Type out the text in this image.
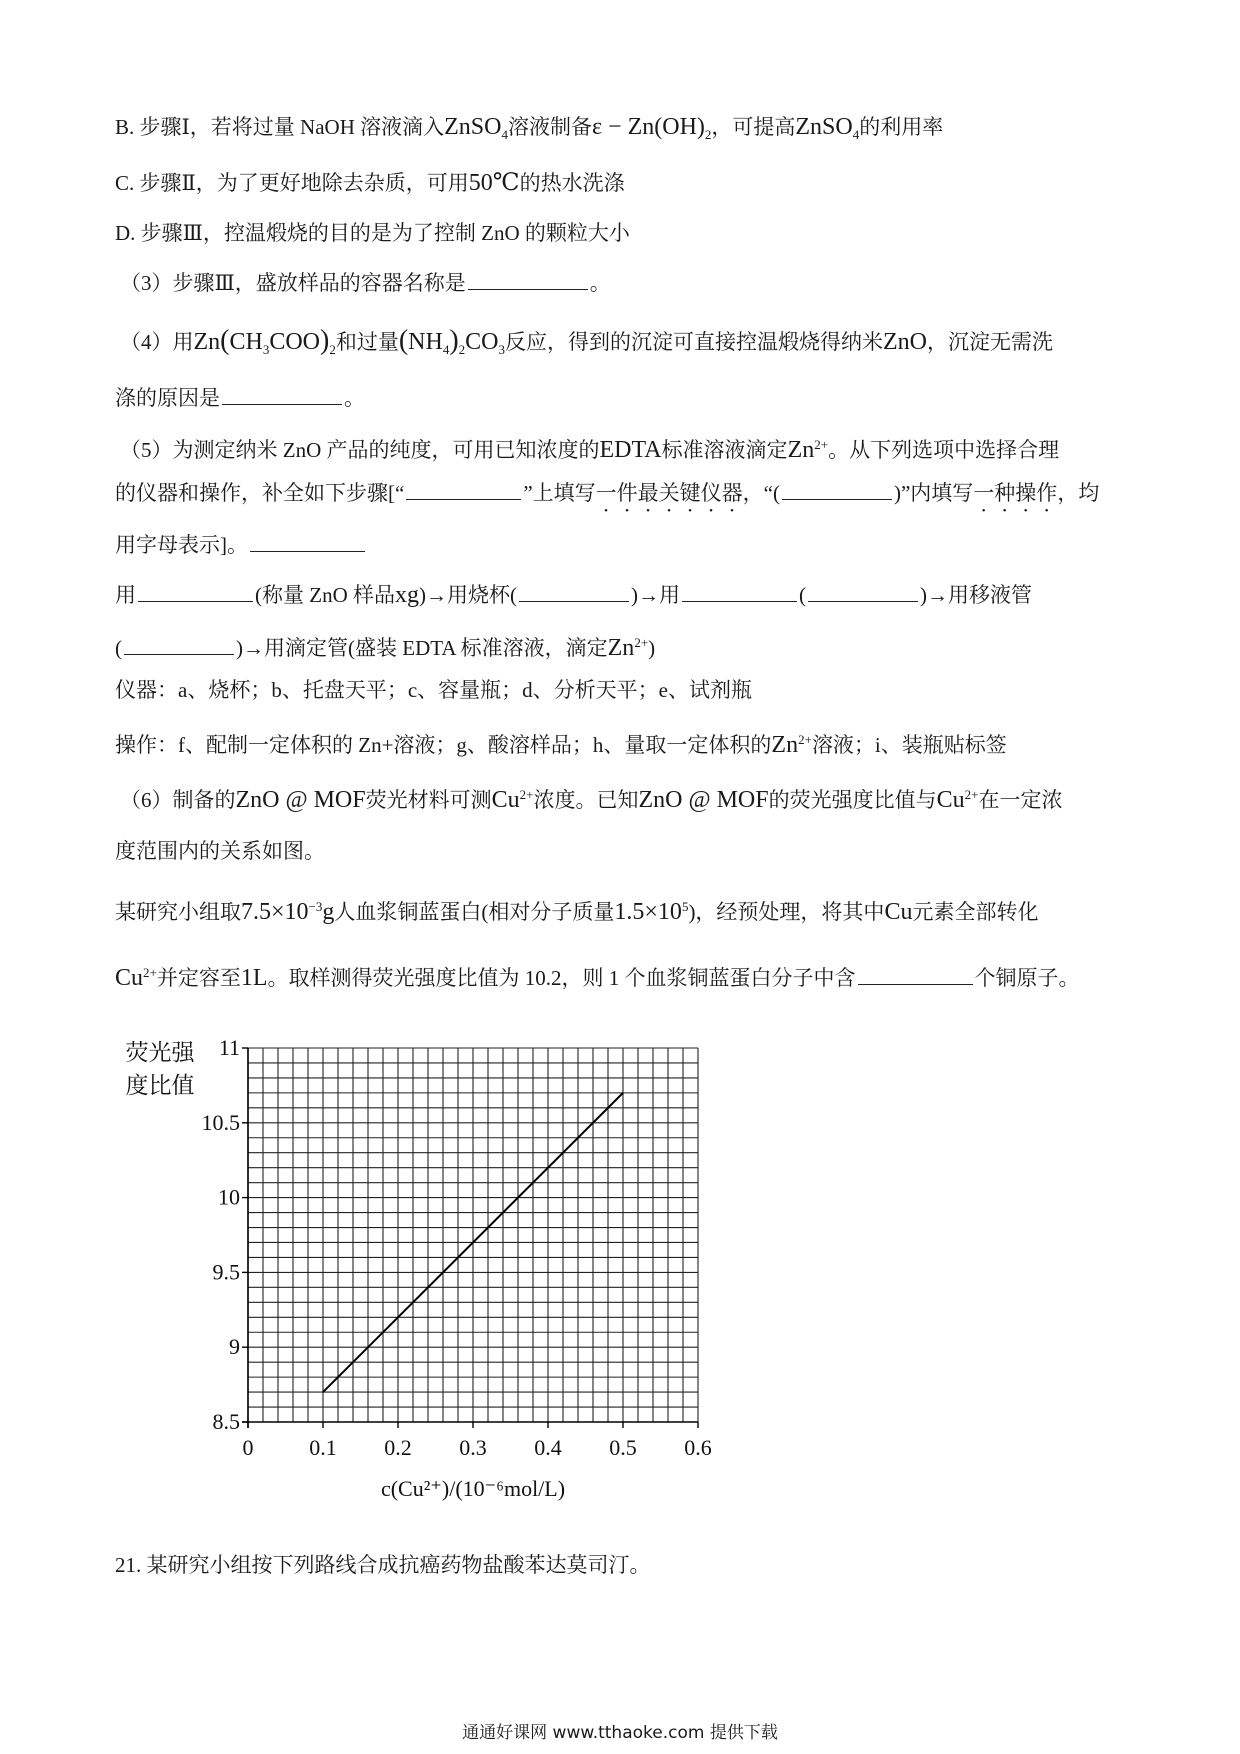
B. 步骤Ⅰ，若将过量 NaOH 溶液滴入ZnSO$_4$溶液制备$\varepsilon - Zn(OH)_2$，可提高ZnSO$_4$的利用率
C. 步骤Ⅱ，为了更好地除去杂质，可用50℃的热水洗涤
D. 步骤Ⅲ，控温煅烧的目的是为了控制 ZnO 的颗粒大小
（3）步骤Ⅲ，盛放样品的容器名称是	。
（4）用$Zn(CH_3COO)_2$和过量$(NH_4)_2CO_3$反应，得到的沉淀可直接控温煅烧得纳米ZnO，沉淀无需洗
涤的原因是	。
（5）为测定纳米 ZnO 产品的纯度，可用已知浓度的EDTA标准溶液滴定$Zn^{2+}$。从下列选项中选择合理
的仪器和操作，补全如下步骤[“	”上填写一件最关键仪器，“(	)”内填写一种操作，均
用字母表示]。
用	(称量 ZnO 样品xg)→用烧杯(	)→用	(	)→用移液管
(	)→用滴定管(盛装 EDTA 标准溶液，滴定$Zn^{2+}$)
仪器：a、烧杯；b、托盘天平；c、容量瓶；d、分析天平；e、试剂瓶
操作：f、配制一定体积的 Zn+溶液；g、酸溶样品；h、量取一定体积的$Zn^{2+}$溶液；i、装瓶贴标签
（6）制备的ZnO @ MOF荧光材料可测$Cu^{2+}$浓度。已知ZnO @ MOF的荧光强度比值与$Cu^{2+}$在一定浓
度范围内的关系如图。
某研究小组取$7.5\times 10^{-3}g$人血浆铜蓝蛋白(相对分子质量$1.5\times 10^5$)，经预处理，将其中Cu元素全部转化
$Cu^{2+}$并定容至1L。取样测得荧光强度比值为 10.2，则 1 个血浆铜蓝蛋白分子中含	个铜原子。
8.5
9
9.5
10
10.5
11
0	0.1 0.2 0.3 0.4 0.5 0.6
荧光强
度比值
c(Cu²⁺)/(10⁻⁶mol/L)
21. 某研究小组按下列路线合成抗癌药物盐酸苯达莫司汀。
通通好课网 www.tthaoke.com 提供下载
